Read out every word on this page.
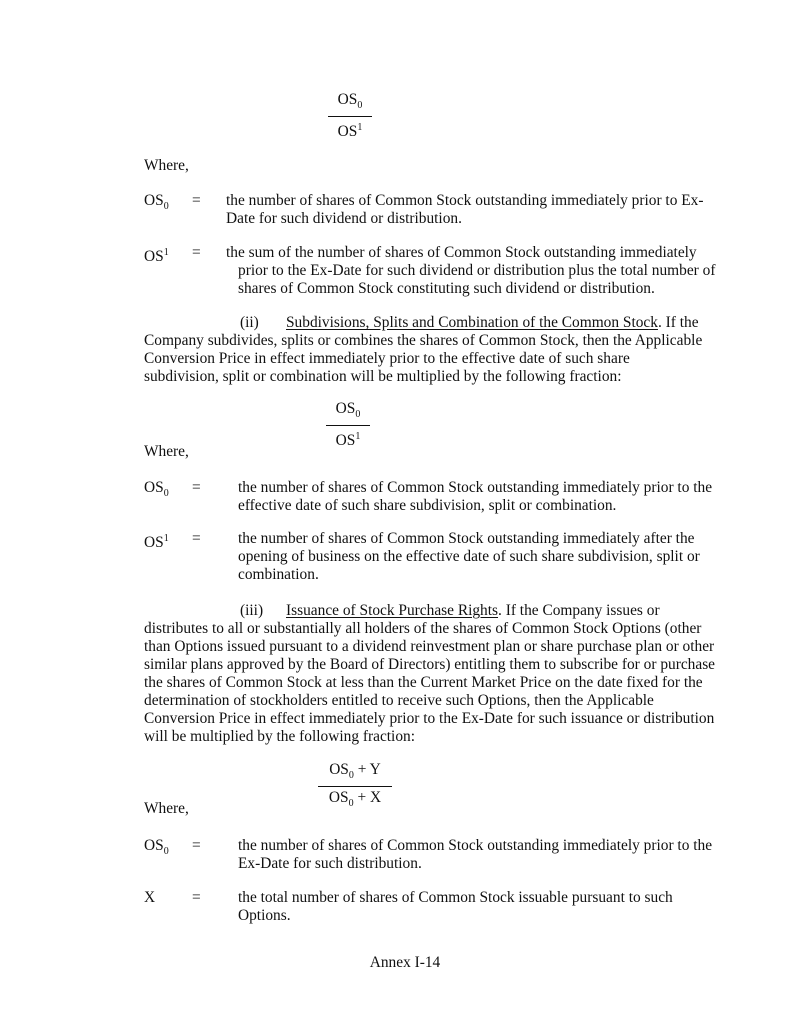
$OS_0$
$OS^1$
Where,
$OS_0$ =	the number of shares of Common Stock outstanding immediately prior to Ex-Date for such dividend or distribution.

$OS^1$ = the sum of the number of shares of Common Stock outstanding immediately prior to the Ex-Date for such dividend or distribution plus the total number of shares of Common Stock constituting such dividend or distribution.

(ii) Subdivisions, Splits and Combination of the Common Stock. If the Company subdivides, splits or combines the shares of Common Stock, then the Applicable Conversion Price in effect immediately prior to the effective date of such share subdivision, split or combination will be multiplied by the following fraction:
$OS_0$
$OS^1$
Where,
$OS_0$ = the number of shares of Common Stock outstanding immediately prior to the effective date of such share subdivision, split or combination.

$OS^1$ = the number of shares of Common Stock outstanding immediately after the opening of business on the effective date of such share subdivision, split or combination.

(iii) Issuance of Stock Purchase Rights. If the Company issues or distributes to all or substantially all holders of the shares of Common Stock Options (other than Options issued pursuant to a dividend reinvestment plan or share purchase plan or other similar plans approved by the Board of Directors) entitling them to subscribe for or purchase the shares of Common Stock at less than the Current Market Price on the date fixed for the determination of stockholders entitled to receive such Options, then the Applicable Conversion Price in effect immediately prior to the Ex-Date for such issuance or distribution will be multiplied by the following fraction:
$OS_0 + Y$
$OS_0 + X$
Where,
$OS_0$ = the number of shares of Common Stock outstanding immediately prior to the Ex-Date for such distribution.

X = the total number of shares of Common Stock issuable pursuant to such Options.

Annex I-14
